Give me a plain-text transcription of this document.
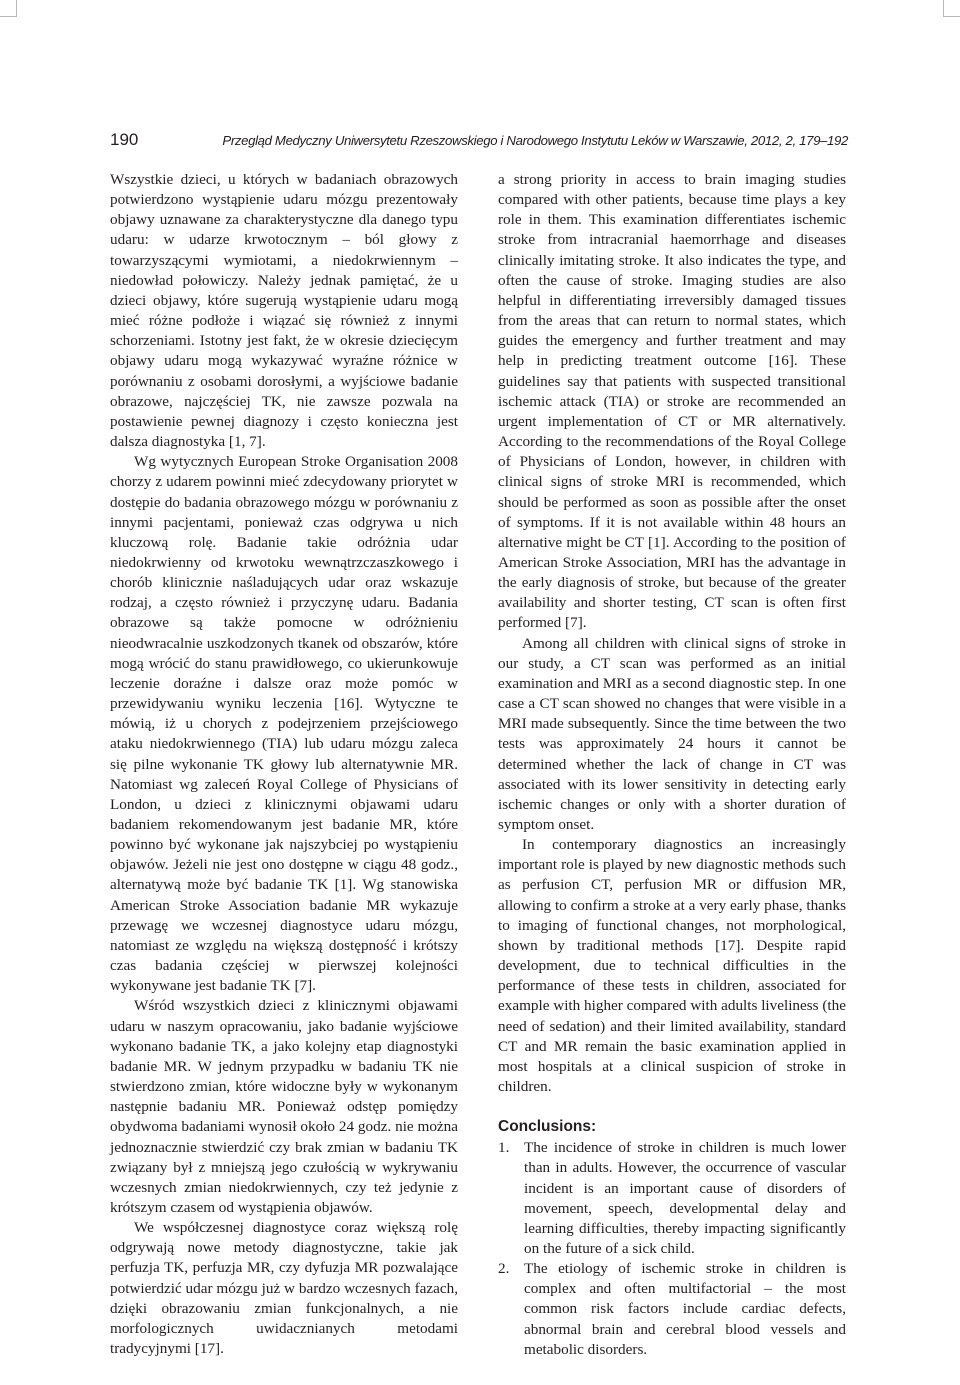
190	Przegląd Medyczny Uniwersytetu Rzeszowskiego i Narodowego Instytutu Leków w Warszawie, 2012, 2, 179–192

Wszystkie dzieci, u których w badaniach obrazowych potwierdzono wystąpienie udaru mózgu prezentowały objawy uznawane za charakterystyczne dla danego typu udaru: w udarze krwotocznym – ból głowy z towarzyszącymi wymiotami, a niedokrwiennym – niedowład połowiczy. Należy jednak pamiętać, że u dzieci objawy, które sugerują wystąpienie udaru mogą mieć różne podłoże i wiązać się również z innymi schorzeniami. Istotny jest fakt, że w okresie dziecięcym objawy udaru mogą wykazywać wyraźne różnice w porównaniu z osobami dorosłymi, a wyjściowe badanie obrazowe, najczęściej TK, nie zawsze pozwala na postawienie pewnej diagnozy i często konieczna jest dalsza diagnostyka [1, 7].

Wg wytycznych European Stroke Organisation 2008 chorzy z udarem powinni mieć zdecydowany priorytet w dostępie do badania obrazowego mózgu w porównaniu z innymi pacjentami, ponieważ czas odgrywa u nich kluczową rolę. Badanie takie odróżnia udar niedokrwienny od krwotoku wewnątrzczaszkowego i chorób klinicznie naśladujących udar oraz wskazuje rodzaj, a często również i przyczynę udaru. Badania obrazowe są także pomocne w odróżnieniu nieodwracalnie uszkodzonych tkanek od obszarów, które mogą wrócić do stanu prawidłowego, co ukierunkowuje leczenie doraźne i dalsze oraz może pomóc w przewidywaniu wyniku leczenia [16]. Wytyczne te mówią, iż u chorych z podejrzeniem przejściowego ataku niedokrwiennego (TIA) lub udaru mózgu zaleca się pilne wykonanie TK głowy lub alternatywnie MR. Natomiast wg zaleceń Royal College of Physicians of London, u dzieci z klinicznymi objawami udaru badaniem rekomendowanym jest badanie MR, które powinno być wykonane jak najszybciej po wystąpieniu objawów. Jeżeli nie jest ono dostępne w ciągu 48 godz., alternatywą może być badanie TK [1]. Wg stanowiska American Stroke Association badanie MR wykazuje przewagę we wczesnej diagnostyce udaru mózgu, natomiast ze względu na większą dostępność i krótszy czas badania częściej w pierwszej kolejności wykonywane jest badanie TK [7].

Wśród wszystkich dzieci z klinicznymi objawami udaru w naszym opracowaniu, jako badanie wyjściowe wykonano badanie TK, a jako kolejny etap diagnostyki badanie MR. W jednym przypadku w badaniu TK nie stwierdzono zmian, które widoczne były w wykonanym następnie badaniu MR. Ponieważ odstęp pomiędzy obydwoma badaniami wynosił około 24 godz. nie można jednoznacznie stwierdzić czy brak zmian w badaniu TK związany był z mniejszą jego czułością w wykrywaniu wczesnych zmian niedokrwiennych, czy też jedynie z krótszym czasem od wystąpienia objawów.

We współczesnej diagnostyce coraz większą rolę odgrywają nowe metody diagnostyczne, takie jak perfuzja TK, perfuzja MR, czy dyfuzja MR pozwalające potwierdzić udar mózgu już w bardzo wczesnych fazach, dzięki obrazowaniu zmian funkcjonalnych, a nie morfologicznych uwidacznianych metodami tradycyjnymi [17].

a strong priority in access to brain imaging studies compared with other patients, because time plays a key role in them. This examination differentiates ischemic stroke from intracranial haemorrhage and diseases clinically imitating stroke. It also indicates the type, and often the cause of stroke. Imaging studies are also helpful in differentiating irreversibly damaged tissues from the areas that can return to normal states, which guides the emergency and further treatment and may help in predicting treatment outcome [16]. These guidelines say that patients with suspected transitional ischemic attack (TIA) or stroke are recommended an urgent implementation of CT or MR alternatively. According to the recommendations of the Royal College of Physicians of London, however, in children with clinical signs of stroke MRI is recommended, which should be performed as soon as possible after the onset of symptoms. If it is not available within 48 hours an alternative might be CT [1]. According to the position of American Stroke Association, MRI has the advantage in the early diagnosis of stroke, but because of the greater availability and shorter testing, CT scan is often first performed [7].

Among all children with clinical signs of stroke in our study, a CT scan was performed as an initial examination and MRI as a second diagnostic step. In one case a CT scan showed no changes that were visible in a MRI made subsequently. Since the time between the two tests was approximately 24 hours it cannot be determined whether the lack of change in CT was associated with its lower sensitivity in detecting early ischemic changes or only with a shorter duration of symptom onset.

In contemporary diagnostics an increasingly important role is played by new diagnostic methods such as perfusion CT, perfusion MR or diffusion MR, allowing to confirm a stroke at a very early phase, thanks to imaging of functional changes, not morphological, shown by traditional methods [17]. Despite rapid development, due to technical difficulties in the performance of these tests in children, associated for example with higher compared with adults liveliness (the need of sedation) and their limited availability, standard CT and MR remain the basic examination applied in most hospitals at a clinical suspicion of stroke in children.

Conclusions:
1. The incidence of stroke in children is much lower than in adults. However, the occurrence of vascular incident is an important cause of disorders of movement, speech, developmental delay and learning difficulties, thereby impacting significantly on the future of a sick child.
2. The etiology of ischemic stroke in children is complex and often multifactorial – the most common risk factors include cardiac defects, abnormal brain and cerebral blood vessels and metabolic disorders.
